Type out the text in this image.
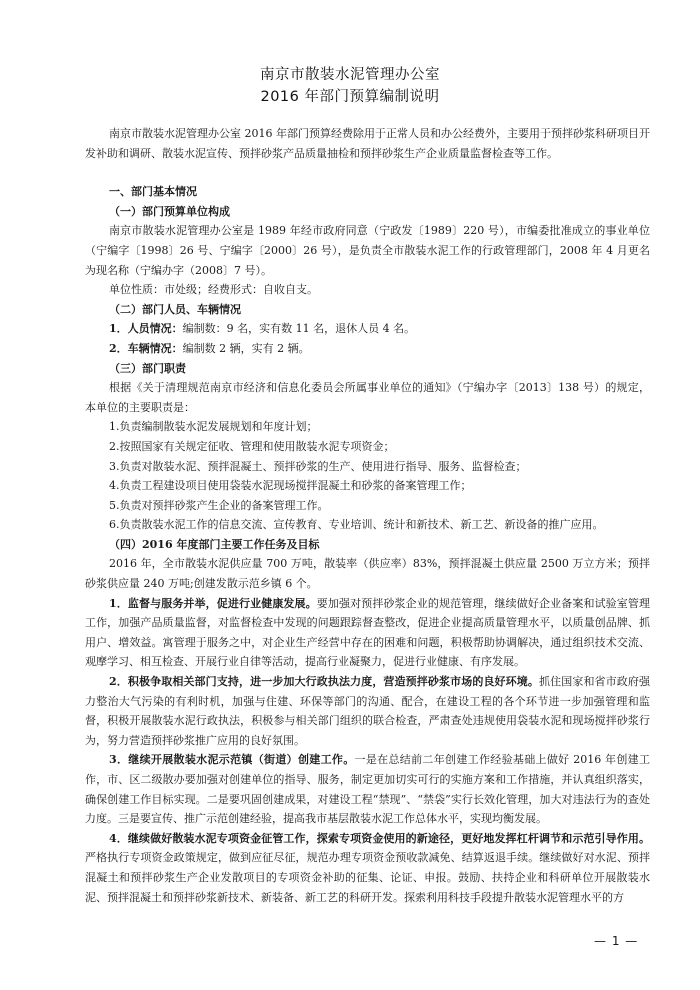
南京市散装水泥管理办公室
2016 年部门预算编制说明

南京市散装水泥管理办公室 2016 年部门预算经费除用于正常人员和办公经费外，主要用于预拌砂浆科研项目开发补助和调研、散装水泥宣传、预拌砂浆产品质量抽检和预拌砂浆生产企业质量监督检查等工作。

一、部门基本情况

（一）部门预算单位构成

南京市散装水泥管理办公室是 1989 年经市政府同意（宁政发〔1989〕220 号），市编委批准成立的事业单位（宁编字〔1998〕26 号、宁编字〔2000〕26 号），是负责全市散装水泥工作的行政管理部门，2008 年 4 月更名为现名称（宁编办字（2008〕7 号）。

单位性质：市处级；经费形式：自收自支。

（二）部门人员、车辆情况

1．人员情况：编制数：9 名，实有数 11 名，退休人员 4 名。

2．车辆情况：编制数 2 辆，实有 2 辆。

（三）部门职责

根据《关于清理规范南京市经济和信息化委员会所属事业单位的通知》（宁编办字〔2013〕138 号）的规定，本单位的主要职责是：

1.负责编制散装水泥发展规划和年度计划；

2.按照国家有关规定征收、管理和使用散装水泥专项资金；

3.负责对散装水泥、预拌混凝土、预拌砂浆的生产、使用进行指导、服务、监督检查；

4.负责工程建设项目使用袋装水泥现场搅拌混凝土和砂浆的备案管理工作；

5.负责对预拌砂浆产生企业的备案管理工作。

6.负责散装水泥工作的信息交流、宣传教育、专业培训、统计和新技术、新工艺、新设备的推广应用。

（四）2016 年度部门主要工作任务及目标

2016 年，全市散装水泥供应量 700 万吨，散装率（供应率）83%，预拌混凝土供应量 2500 万立方米；预拌砂浆供应量 240 万吨;创建发散示范乡镇 6 个。

1．监督与服务并举，促进行业健康发展。要加强对预拌砂浆企业的规范管理，继续做好企业备案和试验室管理工作，加强产品质量监督，对监督检查中发现的问题跟踪督查整改，促进企业提高质量管理水平，以质量创品牌、抓用户、增效益。寓管理于服务之中，对企业生产经营中存在的困难和问题，积极帮助协调解决，通过组织技术交流、观摩学习、相互检查、开展行业自律等活动，提高行业凝聚力，促进行业健康、有序发展。

2．积极争取相关部门支持，进一步加大行政执法力度，营造预拌砂浆市场的良好环境。抓住国家和省市政府强力整治大气污染的有利时机，加强与住建、环保等部门的沟通、配合，在建设工程的各个环节进一步加强管理和监督，积极开展散装水泥行政执法，积极参与相关部门组织的联合检查，严肃查处违规使用袋装水泥和现场搅拌砂浆行为，努力营造预拌砂浆推广应用的良好氛围。

3．继续开展散装水泥示范镇（街道）创建工作。一是在总结前二年创建工作经验基础上做好 2016 年创建工作，市、区二级散办要加强对创建单位的指导、服务，制定更加切实可行的实施方案和工作措施，并认真组织落实，确保创建工作目标实现。二是要巩固创建成果，对建设工程“禁现”、“禁袋”实行长效化管理，加大对违法行为的查处力度。三是要宣传、推广示范创建经验，提高我市基层散装水泥工作总体水平，实现均衡发展。

4．继续做好散装水泥专项资金征管工作，探索专项资金使用的新途径，更好地发挥杠杆调节和示范引导作用。严格执行专项资金政策规定，做到应征尽征，规范办理专项资金预收款减免、结算返退手续。继续做好对水泥、预拌混凝土和预拌砂浆生产企业发散项目的专项资金补助的征集、论证、申报。鼓励、扶持企业和科研单位开展散装水泥、预拌混凝土和预拌砂浆新技术、新装备、新工艺的科研开发。探索利用科技手段提升散装水泥管理水平的方

— 1 —
